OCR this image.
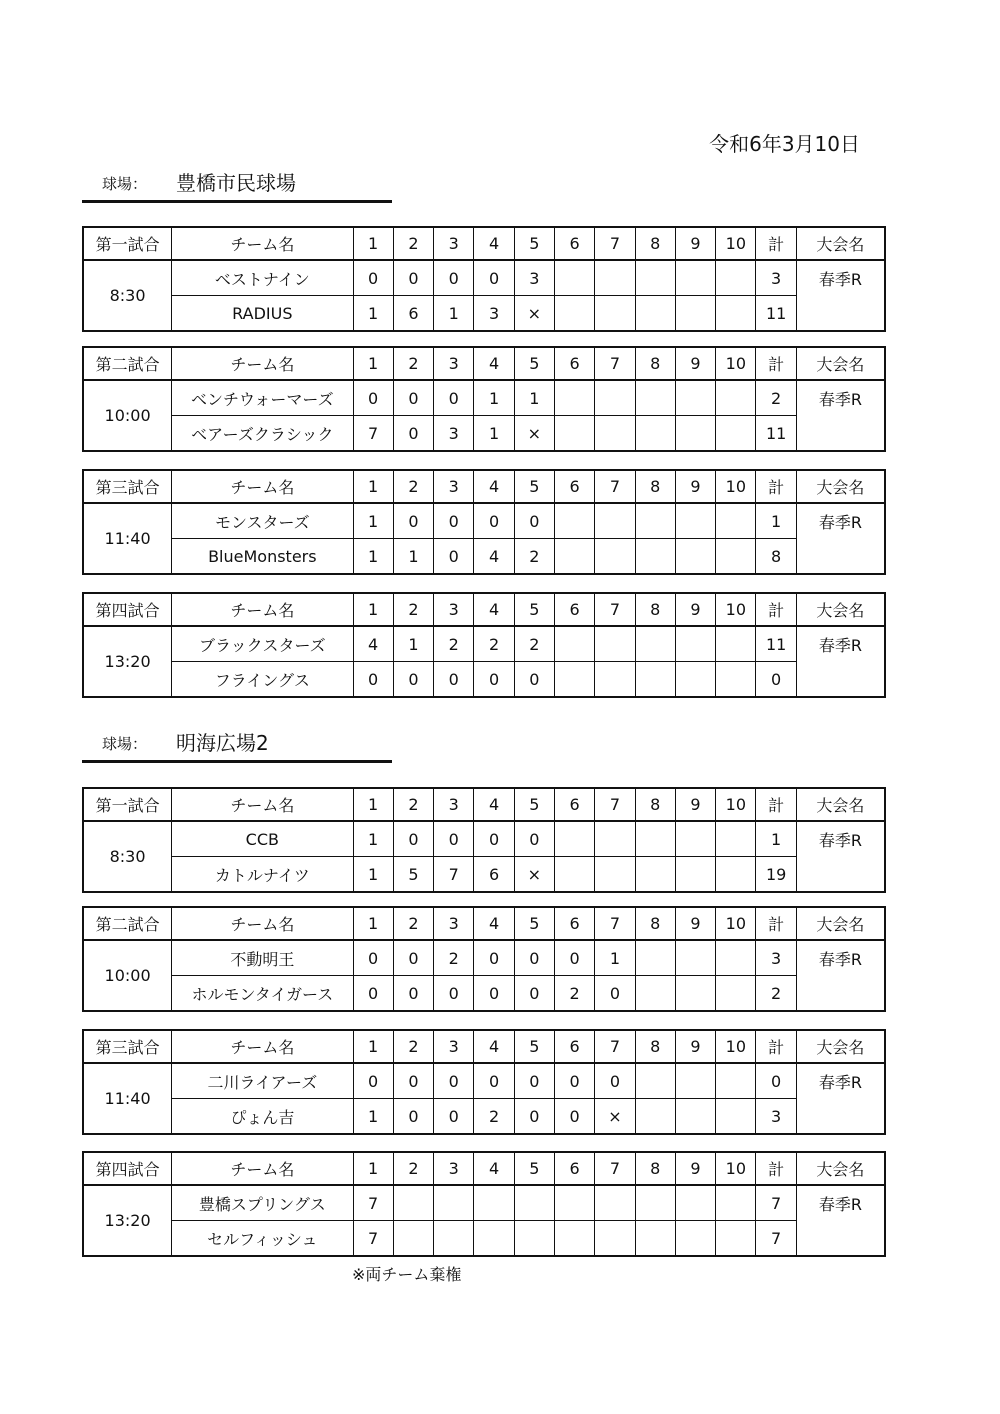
令和6年3月10日
球場： 豊橋市民球場
第一試合	チーム名	1	2	3	4	5	6	7	8	9	10	計	大会名
8:30	ベストナイン	0	0	0	0	3						3	春季R
	RADIUS	1	6	1	3	×						11	
第二試合	チーム名	1	2	3	4	5	6	7	8	9	10	計	大会名
10:00	ベンチウォーマーズ	0	0	0	1	1						2	春季R
	ベアーズクラシック	7	0	3	1	×						11	
第三試合	チーム名	1	2	3	4	5	6	7	8	9	10	計	大会名
11:40	モンスターズ	1	0	0	0	0						1	春季R
	BlueMonsters	1	1	0	4	2						8	
第四試合	チーム名	1	2	3	4	5	6	7	8	9	10	計	大会名
13:20	ブラックスターズ	4	1	2	2	2						11	春季R
	フライングス	0	0	0	0	0						0	
球場： 明海広場2
第一試合	チーム名	1	2	3	4	5	6	7	8	9	10	計	大会名
8:30	CCB	1	0	0	0	0						1	春季R
	カトルナイツ	1	5	7	6	×						19	
第二試合	チーム名	1	2	3	4	5	6	7	8	9	10	計	大会名
10:00	不動明王	0	0	2	0	0	0	1				3	春季R
	ホルモンタイガース	0	0	0	0	0	2	0				2	
第三試合	チーム名	1	2	3	4	5	6	7	8	9	10	計	大会名
11:40	二川ライアーズ	0	0	0	0	0	0	0				0	春季R
	ぴょん吉	1	0	0	2	0	0	×				3	
第四試合	チーム名	1	2	3	4	5	6	7	8	9	10	計	大会名
13:20	豊橋スプリングス	7										7	春季R
	セルフィッシュ	7										7	
※両チーム棄権
